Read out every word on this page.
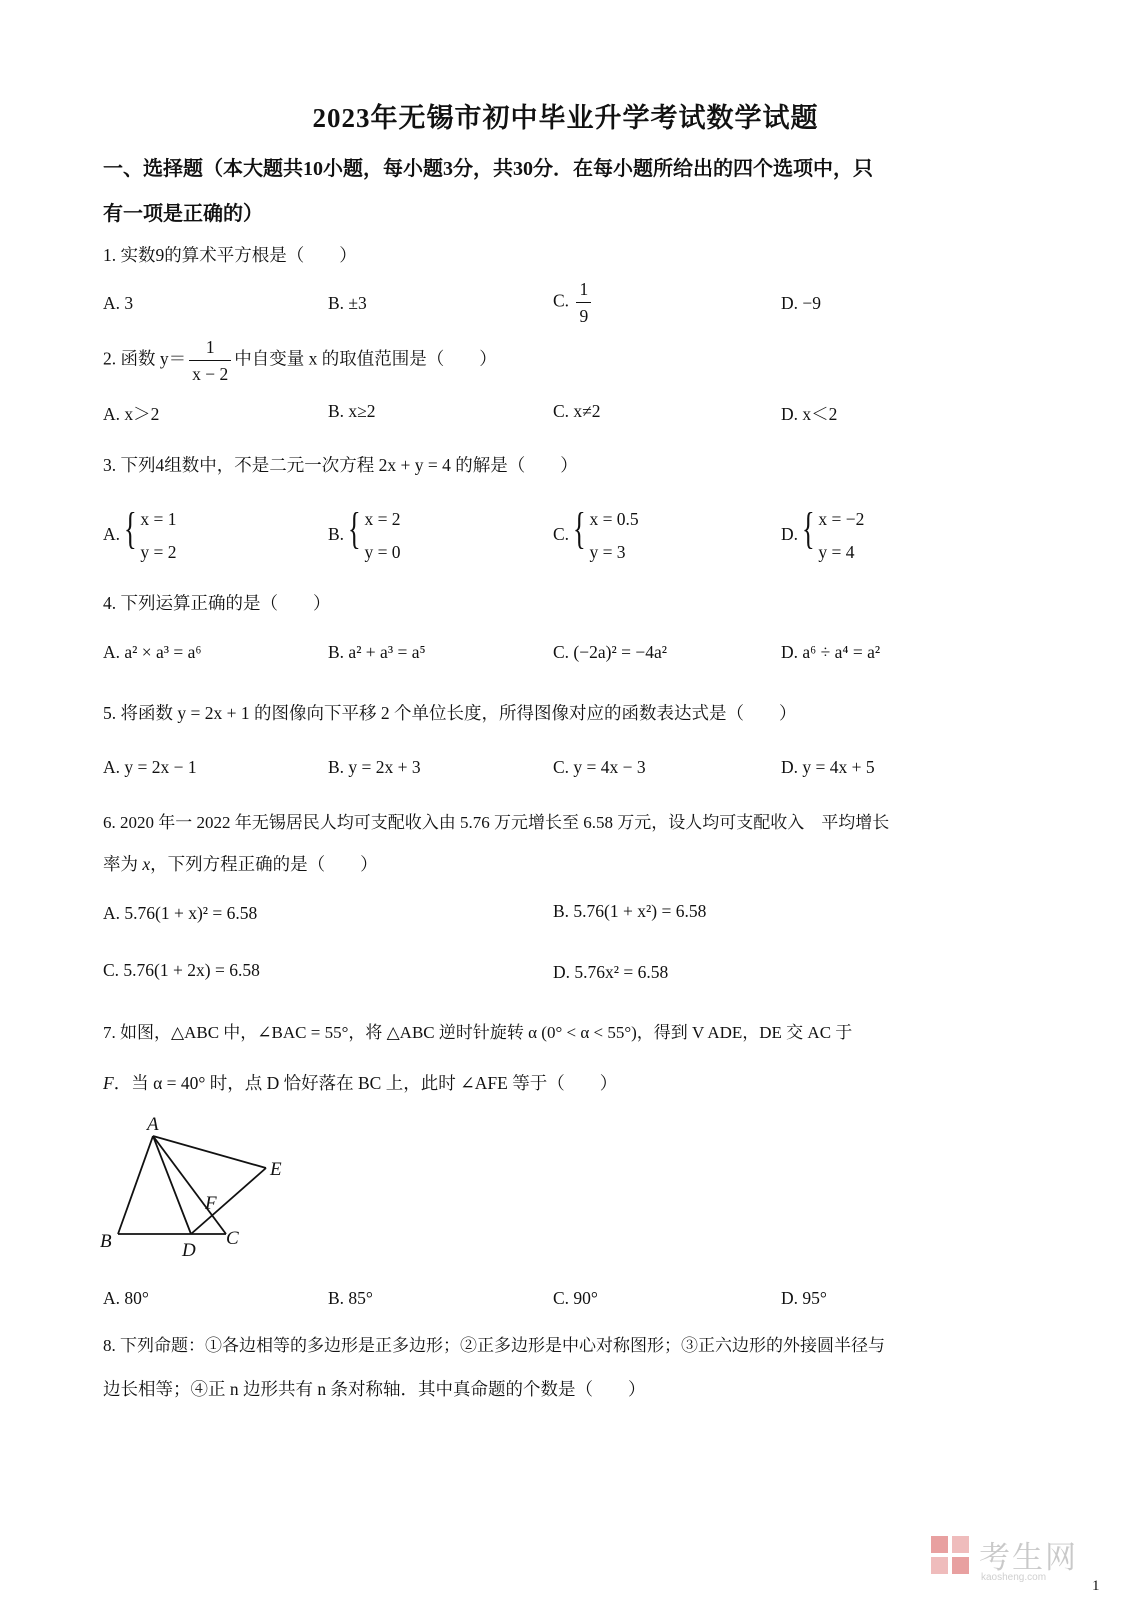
2023年无锡市初中毕业升学考试数学试题
一、选择题（本大题共10小题，每小题3分，共30分．在每小题所给出的四个选项中，只
有一项是正确的）
1. 实数9的算术平方根是（　　）
A. 3	B. ±3	C. $\frac{1}{9}$	D. −9
2. 函数 $y= \frac{1}{x - 2}$ 中自变量 x 的取值范围是（　　）
A. x＞2	B. x≥2	C. x≠2	D. x＜2
3. 下列4组数中，不是二元一次方程 2x + y = 4 的解是（　　）
A. { x = 1
y = 2
B. { x = 2
y = 0
C. { x = 0.5
y = 3
D. { x = −2
y = 4
4. 下列运算正确的是（　　）
A. a² × a³ = a⁶	B. a² + a³ = a⁵	C. (−2a)² = −4a²	D. a⁶ ÷ a⁴ = a²
5. 将函数 y = 2x + 1 的图像向下平移 2 个单位长度，所得图像对应的函数表达式是（　　）
A. y = 2x − 1	B. y = 2x + 3	C. y = 4x − 3	D. y = 4x + 5
6. 2020 年一 2022 年无锡居民人均可支配收入由 5.76 万元增长至 6.58 万元，设人均可支配收入　平均增长
率为 x，下列方程正确的是（　　）
A. 5.76(1 + x)² = 6.58	B. 5.76(1 + x²) = 6.58
C. 5.76(1 + 2x) = 6.58	D. 5.76x² = 6.58
7. 如图，△ABC 中，∠BAC = 55°，将 △ABC 逆时针旋转 α (0° < α < 55°)，得到 V ADE，DE 交 AC 于
F．当 α = 40° 时，点 D 恰好落在 BC 上，此时 ∠AFE 等于（　　）
A
B	C
D
E
F
A. 80°	B. 85°	C. 90°	D. 95°
8. 下列命题：①各边相等的多边形是正多边形；②正多边形是中心对称图形；③正六边形的外接圆半径与
边长相等；④正 n 边形共有 n 条对称轴．其中真命题的个数是（　　）
考生网
kaosheng.com
1
